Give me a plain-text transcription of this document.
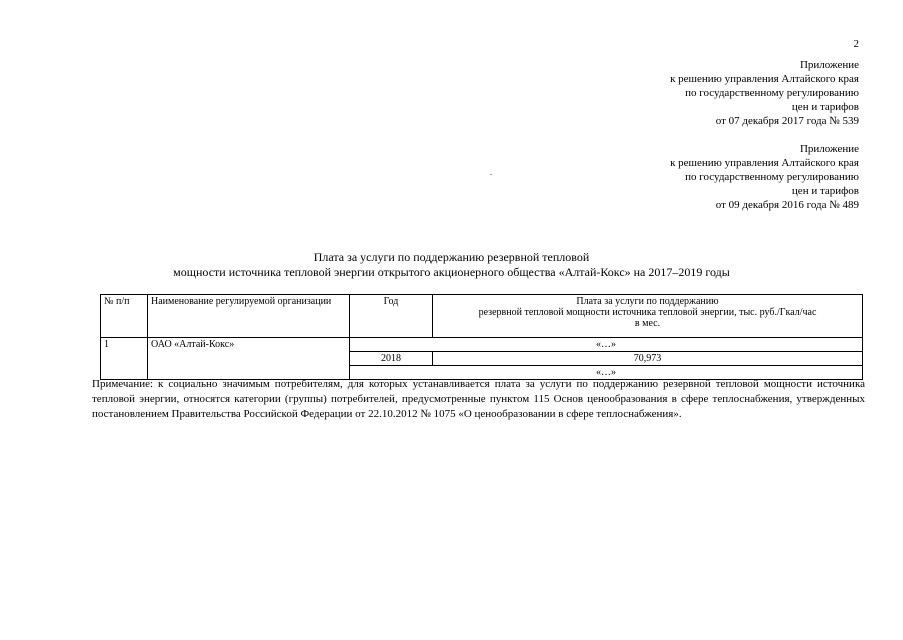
2
Приложение
к решению управления Алтайского края
по государственному регулированию
цен и тарифов
от 07 декабря 2017 года № 539
Приложение
к решению управления Алтайского края
по государственному регулированию
цен и тарифов
от 09 декабря 2016 года № 489
Плата за услуги по поддержанию резервной тепловой
мощности источника тепловой энергии открытого акционерного общества «Алтай-Кокс» на 2017–2019 годы
№ п/п	Наименование регулируемой организации	Год	Плата за услуги по поддержанию
резервной тепловой мощности источника тепловой энергии, тыс. руб./Гкал/час
в мес.

1	ОАО «Алтай-Кокс»	«…»	
		2018	70,973
		«…»	
Примечание: к социально значимым потребителям, для которых устанавливается плата за услуги по поддержанию резервной тепловой мощности источника тепловой энергии, относятся категории (группы) потребителей, предусмотренные пунктом 115 Основ ценообразования в сфере теплоснабжения, утвержденных постановлением Правительства Российской Федерации от 22.10.2012 № 1075 «О ценообразовании в сфере теплоснабжения».
